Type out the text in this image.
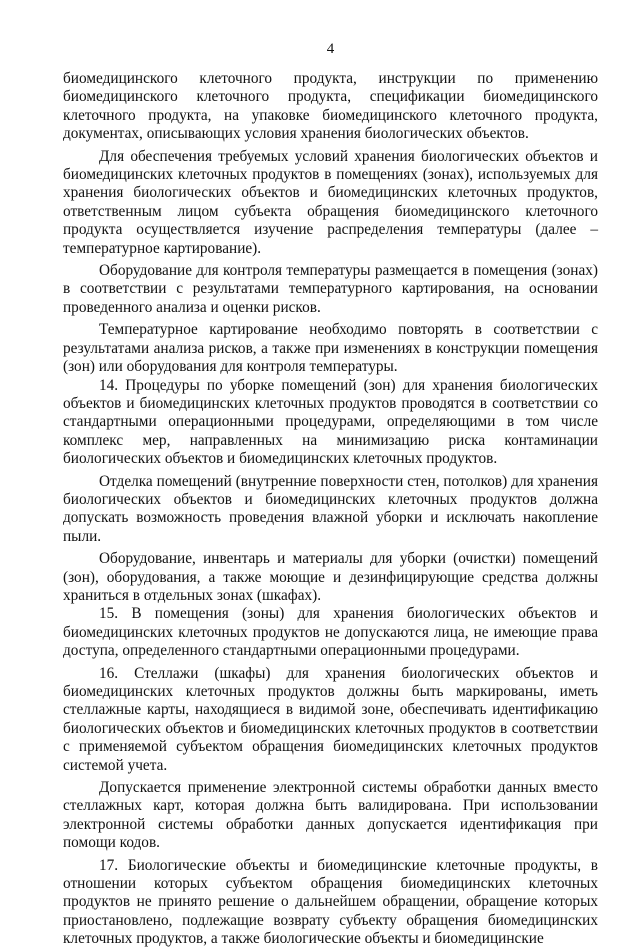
4

биомедицинского клеточного продукта, инструкции по применению биомедицинского клеточного продукта, спецификации биомедицинского клеточного продукта, на упаковке биомедицинского клеточного продукта, документах, описывающих условия хранения биологических объектов.

Для обеспечения требуемых условий хранения биологических объектов и биомедицинских клеточных продуктов в помещениях (зонах), используемых для хранения биологических объектов и биомедицинских клеточных продуктов, ответственным лицом субъекта обращения биомедицинского клеточного продукта осуществляется изучение распределения температуры (далее – температурное картирование).

Оборудование для контроля температуры размещается в помещения (зонах) в соответствии с результатами температурного картирования, на основании проведенного анализа и оценки рисков.

Температурное картирование необходимо повторять в соответствии с результатами анализа рисков, а также при изменениях в конструкции помещения (зон) или оборудования для контроля температуры.

14. Процедуры по уборке помещений (зон) для хранения биологических объектов и биомедицинских клеточных продуктов проводятся в соответствии со стандартными операционными процедурами, определяющими в том числе комплекс мер, направленных на минимизацию риска контаминации биологических объектов и биомедицинских клеточных продуктов.

Отделка помещений (внутренние поверхности стен, потолков) для хранения биологических объектов и биомедицинских клеточных продуктов должна допускать возможность проведения влажной уборки и исключать накопление пыли.

Оборудование, инвентарь и материалы для уборки (очистки) помещений (зон), оборудования, а также моющие и дезинфицирующие средства должны храниться в отдельных зонах (шкафах).

15. В помещения (зоны) для хранения биологических объектов и биомедицинских клеточных продуктов не допускаются лица, не имеющие права доступа, определенного стандартными операционными процедурами.

16. Стеллажи (шкафы) для хранения биологических объектов и биомедицинских клеточных продуктов должны быть маркированы, иметь стеллажные карты, находящиеся в видимой зоне, обеспечивать идентификацию биологических объектов и биомедицинских клеточных продуктов в соответствии с применяемой субъектом обращения биомедицинских клеточных продуктов системой учета.

Допускается применение электронной системы обработки данных вместо стеллажных карт, которая должна быть валидирована. При использовании электронной системы обработки данных допускается идентификация при помощи кодов.

17. Биологические объекты и биомедицинские клеточные продукты, в отношении которых субъектом обращения биомедицинских клеточных продуктов не принято решение о дальнейшем обращении, обращение которых приостановлено, подлежащие возврату субъекту обращения биомедицинских клеточных продуктов, а также биологические объекты и биомедицинские
